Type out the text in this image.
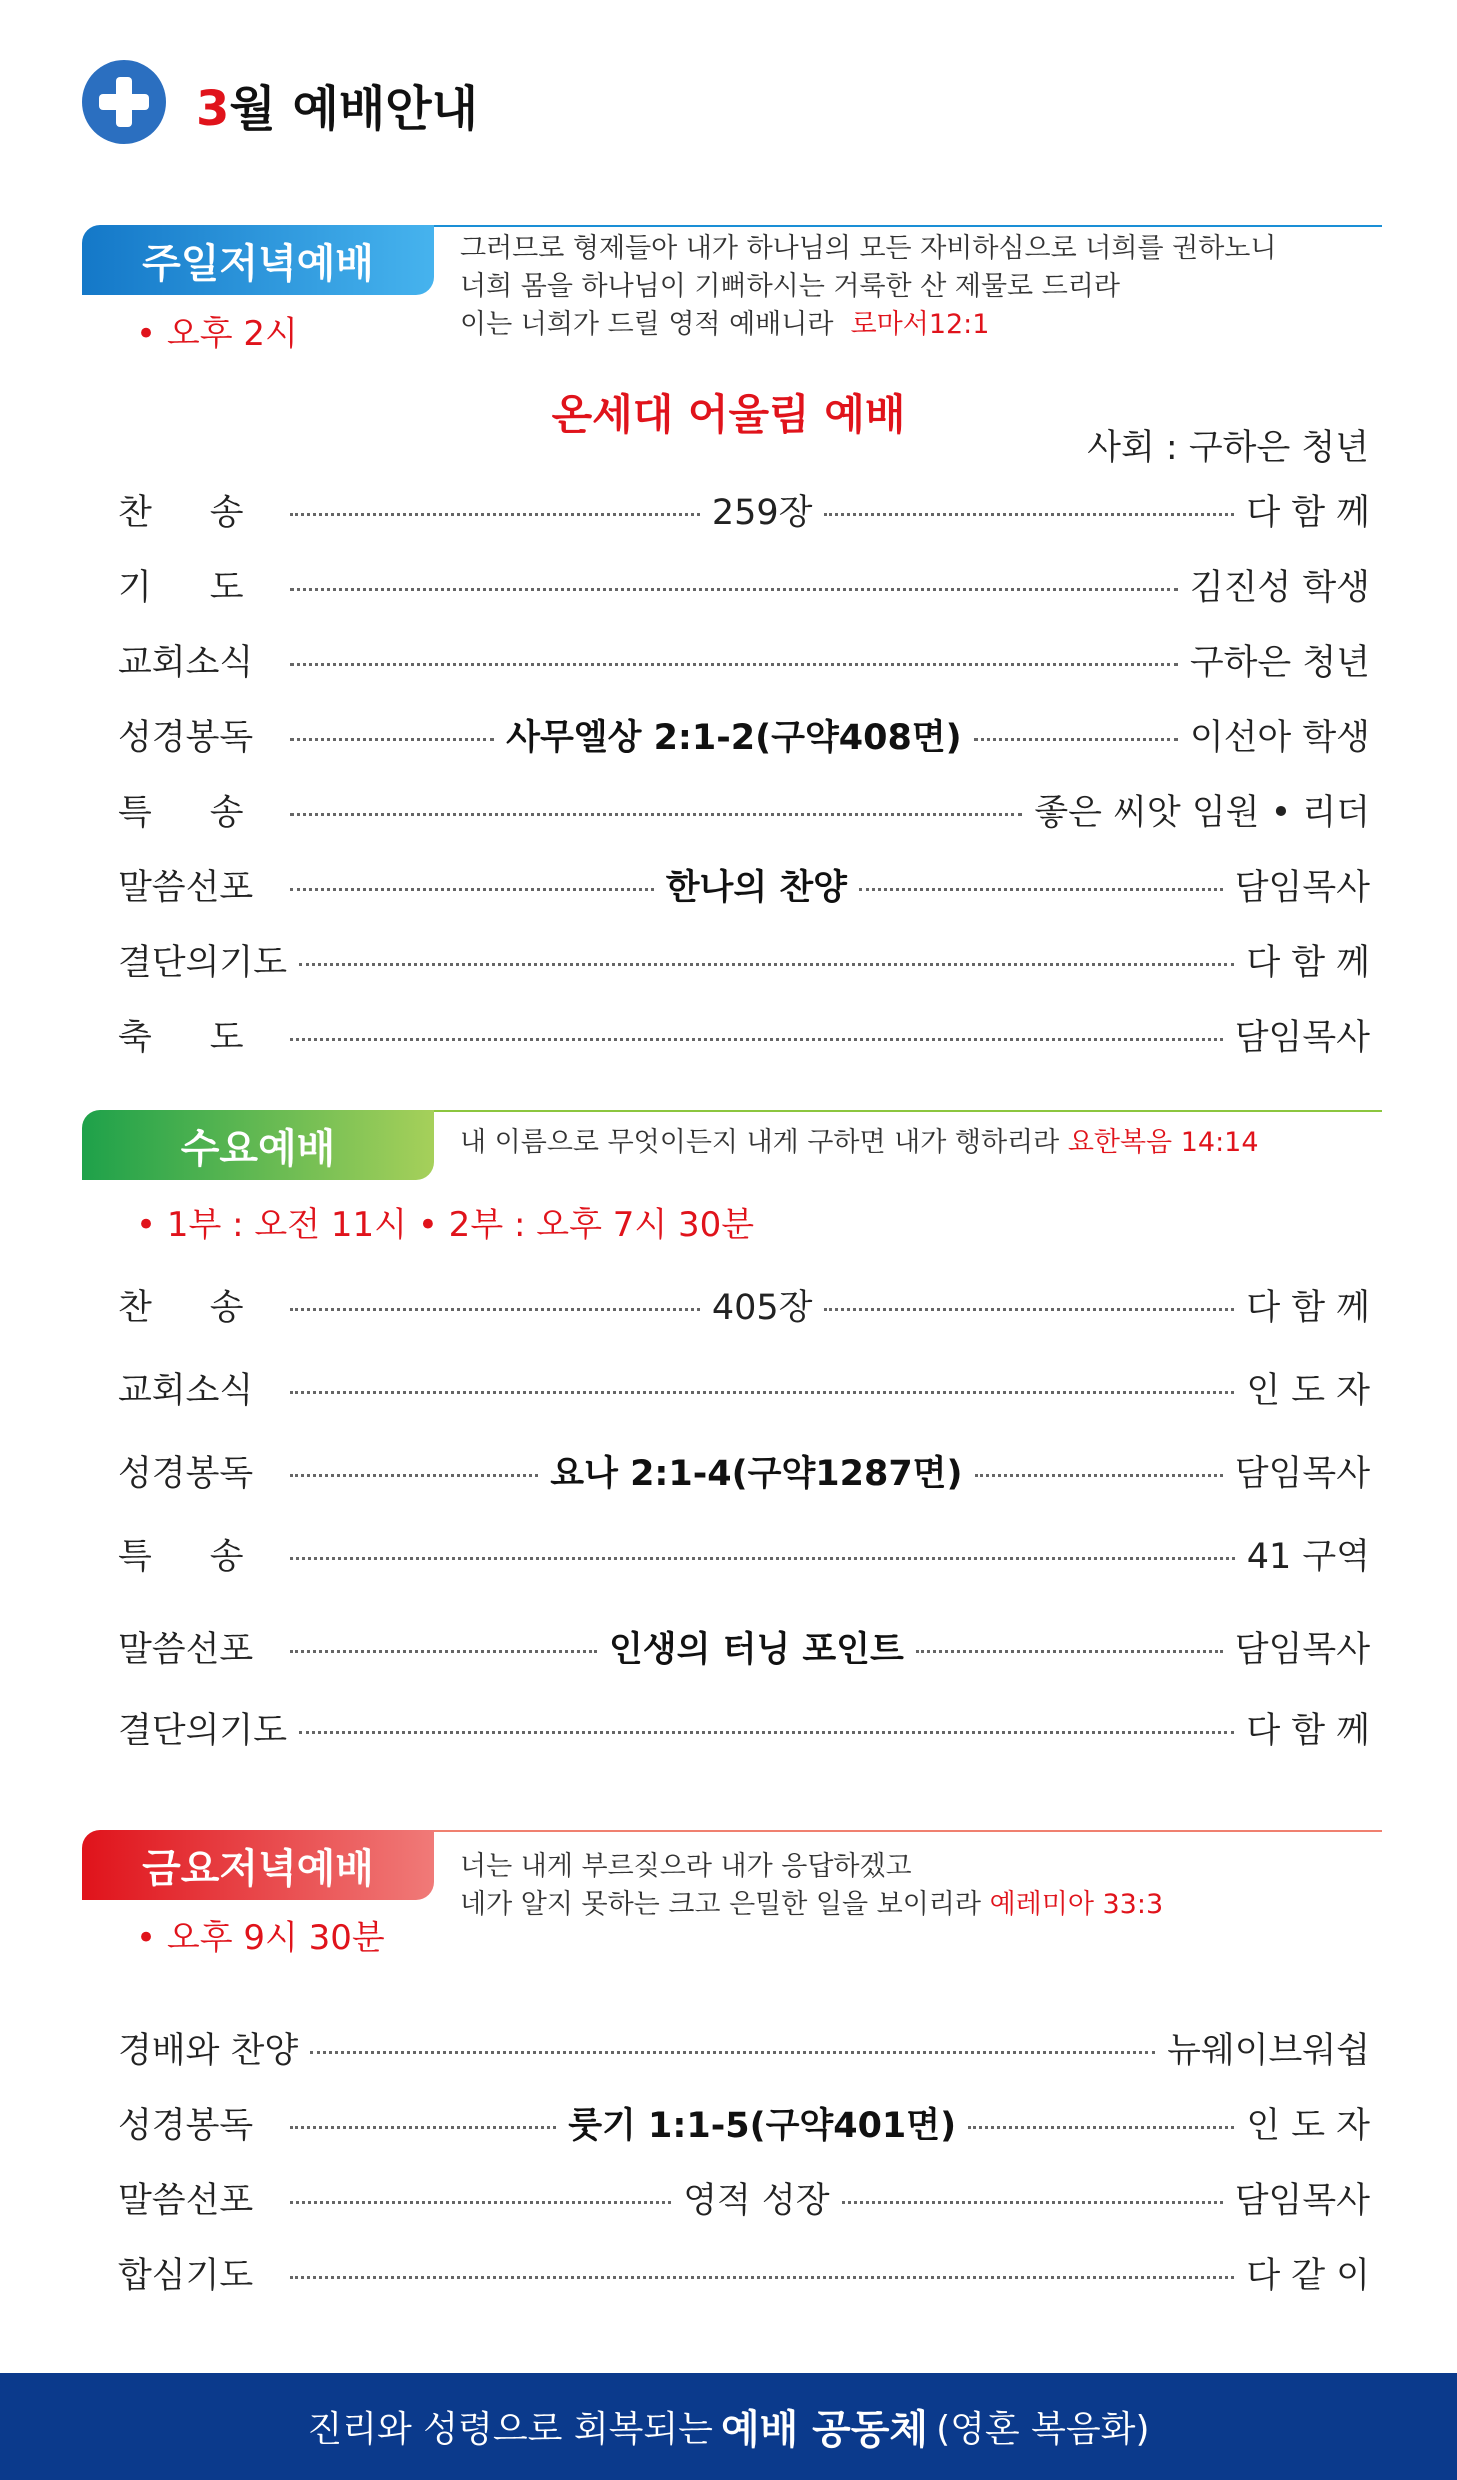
3월 예배안내
주일저녁예배
• 오후 2시
그러므로 형제들아 내가 하나님의 모든 자비하심으로 너희를 권하노니
너희 몸을 하나님이 기뻐하시는 거룩한 산 제물로 드리라
이는 너희가 드릴 영적 예배니라 로마서12:1
온세대 어울림 예배
사회 : 구하은 청년
찬송	259장	다 함 께
기도	김진성 학생
교회소식	구하은 청년
성경봉독	사무엘상 2:1-2(구약408면)	이선아 학생
특송	좋은 씨앗 임원 • 리더
말씀선포	한나의 찬양	담임목사
결단의기도	다 함 께
축도	담임목사
수요예배	내 이름으로 무엇이든지 내게 구하면 내가 행하리라 요한복음 14:14
• 1부 : 오전 11시 • 2부 : 오후 7시 30분
찬송	405장	다 함 께
교회소식	인 도 자
성경봉독	요나 2:1-4(구약1287면)	담임목사
특송	41 구역
말씀선포	인생의 터닝 포인트	담임목사
결단의기도	다 함 께
금요저녁예배	너는 내게 부르짖으라 내가 응답하겠고
네가 알지 못하는 크고 은밀한 일을 보이리라 예레미아 33:3
• 오후 9시 30분
경배와 찬양	뉴웨이브워쉽
성경봉독	룻기 1:1-5(구약401면)	인 도 자
말씀선포	영적 성장	담임목사
합심기도	다 같 이
진리와 성령으로 회복되는 예배 공동체 (영혼 복음화)
